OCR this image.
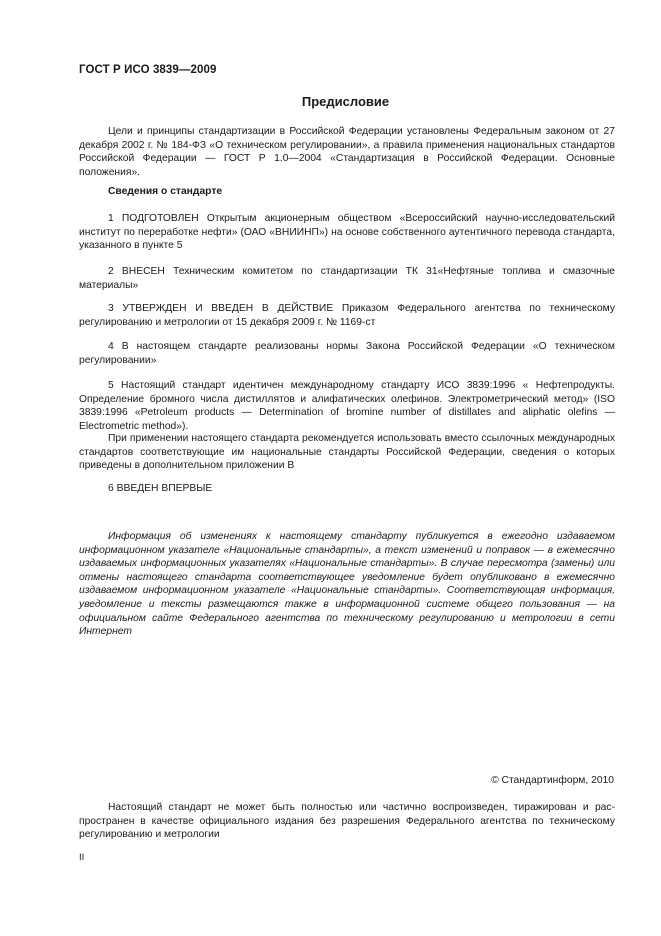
ГОСТ Р ИСО 3839—2009
Предисловие

Цели и принципы стандартизации в Российской Федерации установлены Федеральным законом от 27 декабря 2002 г. № 184-ФЗ «О техническом регулировании», а правила применения национальных стандартов Российской Федерации — ГОСТ Р 1.0—2004 «Стандартизация в Российской Федерации. Основные положения».

Сведения о стандарте

1 ПОДГОТОВЛЕН Открытым акционерным обществом «Всероссийский научно-исследовательский институт по переработке нефти» (ОАО «ВНИИНП») на основе собственного аутентичного перевода стандарта, указанного в пункте 5

2 ВНЕСЕН Техническим комитетом по стандартизации ТК 31«Нефтяные топлива и смазочные материалы»

3 УТВЕРЖДЕН И ВВЕДЕН В ДЕЙСТВИЕ Приказом Федерального агентства по техническому регулированию и метрологии от 15 декабря 2009 г. № 1169-ст

4 В настоящем стандарте реализованы нормы Закона Российской Федерации «О техническом регулировании»

5 Настоящий стандарт идентичен международному стандарту ИСО 3839:1996 « Нефтепродукты. Определение бромного числа дистиллятов и алифатических олефинов. Электрометрический метод» (ISO 3839:1996 «Petroleum products — Determination of bromine number of distillates and aliphatic olefins — Electrometric method»).

При применении настоящего стандарта рекомендуется использовать вместо ссылочных международных стандартов соответствующие им национальные стандарты Российской Федерации, сведения о которых приведены в дополнительном приложении В

6 ВВЕДЕН ВПЕРВЫЕ

Информация об изменениях к настоящему стандарту публикуется в ежегодно издаваемом информационном указателе «Национальные стандарты», а текст изменений и поправок — в ежемесячно издаваемых информационных указателях «Национальные стандарты». В случае пересмотра (замены) или отмены настоящего стандарта соответствующее уведомление будет опубликовано в ежемесячно издаваемом информационном указателе «Национальные стандарты». Соответствующая информация, уведомление и тексты размещаются также в информационной системе общего пользования — на официальном сайте Федерального агентства по техническому регулированию и метрологии в сети Интернет

© Стандартинформ, 2010

Настоящий стандарт не может быть полностью или частично воспроизведен, тиражирован и распространен в качестве официального издания без разрешения Федерального агентства по техническому регулированию и метрологии

II
